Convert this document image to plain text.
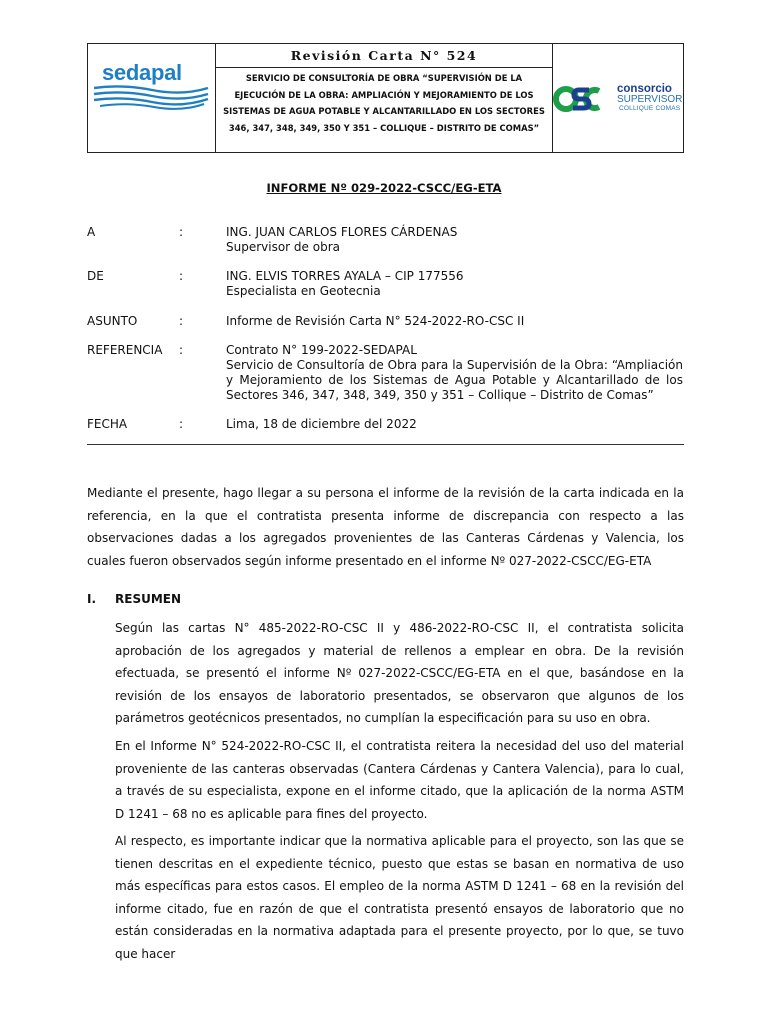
sedapal
Revisión Carta N° 524
SERVICIO DE CONSULTORÍA DE OBRA “SUPERVISIÓN DE LA EJECUCIÓN DE LA OBRA: AMPLIACIÓN Y MEJORAMIENTO DE LOS SISTEMAS DE AGUA POTABLE Y ALCANTARILLADO EN LOS SECTORES 346, 347, 348, 349, 350 Y 351 – COLLIQUE – DISTRITO DE COMAS”
consorcio
SUPERVISOR
COLLIQUE COMAS
INFORME Nº 029-2022-CSCC/EG-ETA
A	:	ING. JUAN CARLOS FLORES CÁRDENAS
Supervisor de obra
DE	:	ING. ELVIS TORRES AYALA – CIP 177556
Especialista en Geotecnia
ASUNTO	:	Informe de Revisión Carta N° 524-2022-RO-CSC II
REFERENCIA :	Contrato N° 199-2022-SEDAPAL
Servicio de Consultoría de Obra para la Supervisión de la Obra: “Ampliación y Mejoramiento de los Sistemas de Agua Potable y Alcantarillado de los Sectores 346, 347, 348, 349, 350 y 351 – Collique – Distrito de Comas”
FECHA	:	Lima, 18 de diciembre del 2022
Mediante el presente, hago llegar a su persona el informe de la revisión de la carta indicada en la referencia, en la que el contratista presenta informe de discrepancia con respecto a las observaciones dadas a los agregados provenientes de las Canteras Cárdenas y Valencia, los cuales fueron observados según informe presentado en el informe Nº 027-2022-CSCC/EG-ETA
I. RESUMEN
Según las cartas N° 485-2022-RO-CSC II y 486-2022-RO-CSC II, el contratista solicita aprobación de los agregados y material de rellenos a emplear en obra. De la revisión efectuada, se presentó el informe Nº 027-2022-CSCC/EG-ETA en el que, basándose en la revisión de los ensayos de laboratorio presentados, se observaron que algunos de los parámetros geotécnicos presentados, no cumplían la especificación para su uso en obra.
En el Informe N° 524-2022-RO-CSC II, el contratista reitera la necesidad del uso del material proveniente de las canteras observadas (Cantera Cárdenas y Cantera Valencia), para lo cual, a través de su especialista, expone en el informe citado, que la aplicación de la norma ASTM D 1241 – 68 no es aplicable para fines del proyecto.
Al respecto, es importante indicar que la normativa aplicable para el proyecto, son las que se tienen descritas en el expediente técnico, puesto que estas se basan en normativa de uso más específicas para estos casos. El empleo de la norma ASTM D 1241 – 68 en la revisión del informe citado, fue en razón de que el contratista presentó ensayos de laboratorio que no están consideradas en la normativa adaptada para el presente proyecto, por lo que, se tuvo que hacer
